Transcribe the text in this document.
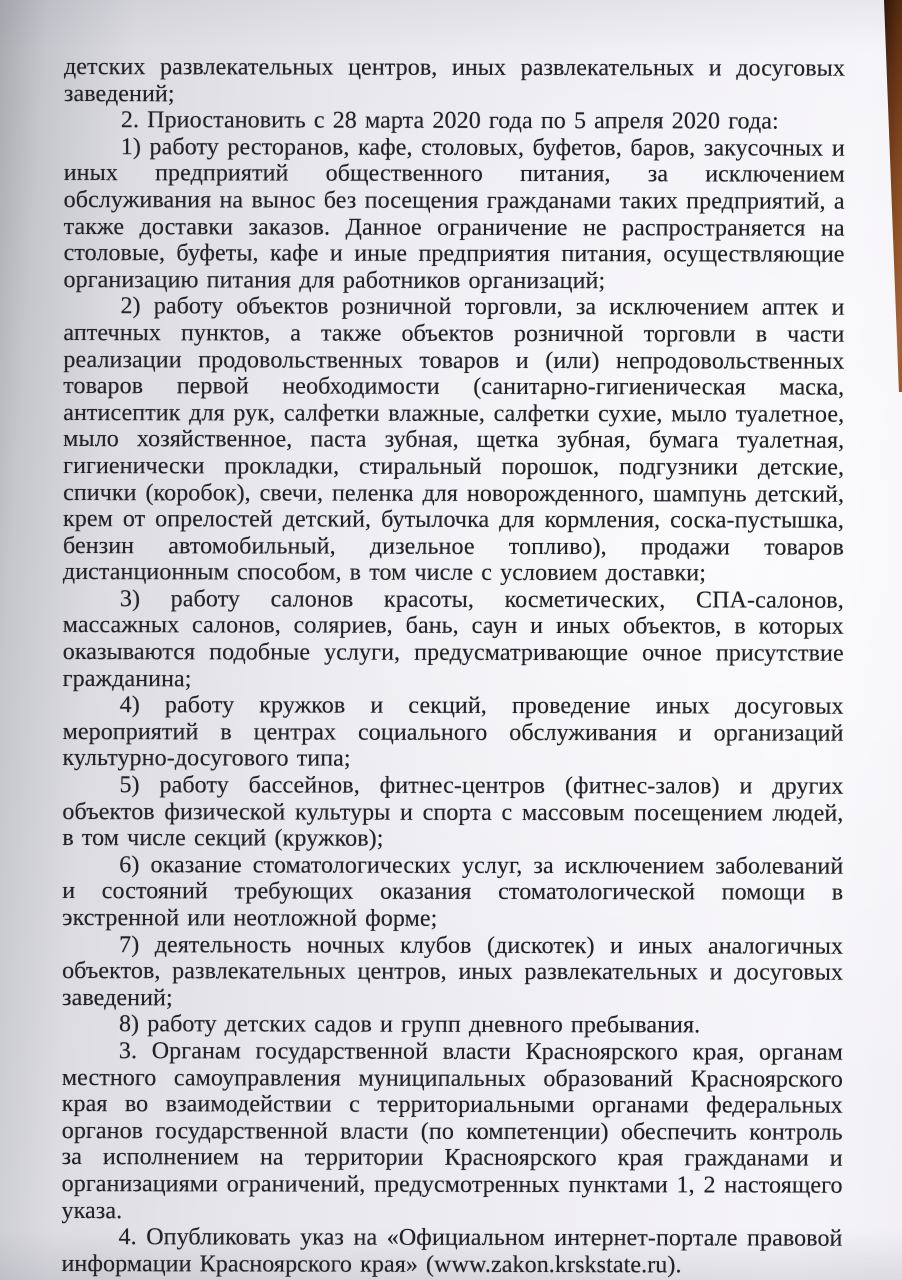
детских развлекательных центров, иных развлекательных и досуговых заведений;

2. Приостановить с 28 марта 2020 года по 5 апреля 2020 года:

1) работу ресторанов, кафе, столовых, буфетов, баров, закусочных и иных предприятий общественного питания, за исключением обслуживания на вынос без посещения гражданами таких предприятий, а также доставки заказов. Данное ограничение не распространяется на столовые, буфеты, кафе и иные предприятия питания, осуществляющие организацию питания для работников организаций;

2) работу объектов розничной торговли, за исключением аптек и аптечных пунктов, а также объектов розничной торговли в части реализации продовольственных товаров и (или) непродовольственных товаров первой необходимости (санитарно-гигиеническая маска, антисептик для рук, салфетки влажные, салфетки сухие, мыло туалетное, мыло хозяйственное, паста зубная, щетка зубная, бумага туалетная, гигиенически прокладки, стиральный порошок, подгузники детские, спички (коробок), свечи, пеленка для новорожденного, шампунь детский, крем от опрелостей детский, бутылочка для кормления, соска-пустышка, бензин автомобильный, дизельное топливо), продажи товаров дистанционным способом, в том числе с условием доставки;

3) работу салонов красоты, косметических, СПА-салонов, массажных салонов, соляриев, бань, саун и иных объектов, в которых оказываются подобные услуги, предусматривающие очное присутствие гражданина;

4) работу кружков и секций, проведение иных досуговых мероприятий в центрах социального обслуживания и организаций культурно-досугового типа;

5) работу бассейнов, фитнес-центров (фитнес-залов) и других объектов физической культуры и спорта с массовым посещением людей, в том числе секций (кружков);

6) оказание стоматологических услуг, за исключением заболеваний и состояний требующих оказания стоматологической помощи в экстренной или неотложной форме;

7) деятельность ночных клубов (дискотек) и иных аналогичных объектов, развлекательных центров, иных развлекательных и досуговых заведений;

8) работу детских садов и групп дневного пребывания.

3. Органам государственной власти Красноярского края, органам местного самоуправления муниципальных образований Красноярского края во взаимодействии с территориальными органами федеральных органов государственной власти (по компетенции) обеспечить контроль за исполнением на территории Красноярского края гражданами и организациями ограничений, предусмотренных пунктами 1, 2 настоящего указа.

4. Опубликовать указ на «Официальном интернет-портале правовой информации Красноярского края» (www.zakon.krskstate.ru).
